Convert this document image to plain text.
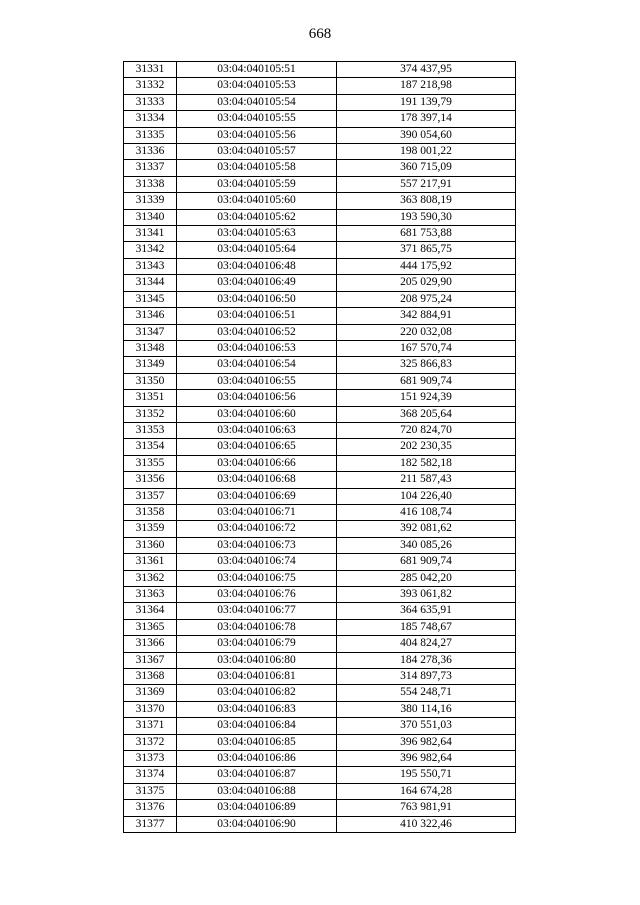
668
31331	03:04:040105:51	374 437,95
31332	03:04:040105:53	187 218,98
31333	03:04:040105:54	191 139,79
31334	03:04:040105:55	178 397,14
31335	03:04:040105:56	390 054,60
31336	03:04:040105:57	198 001,22
31337	03:04:040105:58	360 715,09
31338	03:04:040105:59	557 217,91
31339	03:04:040105:60	363 808,19
31340	03:04:040105:62	193 590,30
31341	03:04:040105:63	681 753,88
31342	03:04:040105:64	371 865,75
31343	03:04:040106:48	444 175,92
31344	03:04:040106:49	205 029,90
31345	03:04:040106:50	208 975,24
31346	03:04:040106:51	342 884,91
31347	03:04:040106:52	220 032,08
31348	03:04:040106:53	167 570,74
31349	03:04:040106:54	325 866,83
31350	03:04:040106:55	681 909,74
31351	03:04:040106:56	151 924,39
31352	03:04:040106:60	368 205,64
31353	03:04:040106:63	720 824,70
31354	03:04:040106:65	202 230,35
31355	03:04:040106:66	182 582,18
31356	03:04:040106:68	211 587,43
31357	03:04:040106:69	104 226,40
31358	03:04:040106:71	416 108,74
31359	03:04:040106:72	392 081,62
31360	03:04:040106:73	340 085,26
31361	03:04:040106:74	681 909,74
31362	03:04:040106:75	285 042,20
31363	03:04:040106:76	393 061,82
31364	03:04:040106:77	364 635,91
31365	03:04:040106:78	185 748,67
31366	03:04:040106:79	404 824,27
31367	03:04:040106:80	184 278,36
31368	03:04:040106:81	314 897,73
31369	03:04:040106:82	554 248,71
31370	03:04:040106:83	380 114,16
31371	03:04:040106:84	370 551,03
31372	03:04:040106:85	396 982,64
31373	03:04:040106:86	396 982,64
31374	03:04:040106:87	195 550,71
31375	03:04:040106:88	164 674,28
31376	03:04:040106:89	763 981,91
31377	03:04:040106:90	410 322,46
